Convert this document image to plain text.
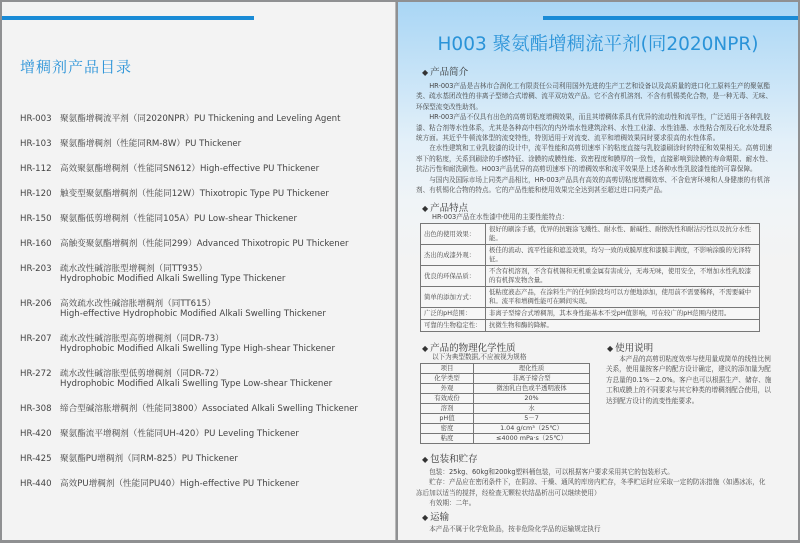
增稠剂产品目录
HR-003 聚氨酯增稠流平剂（同2020NPR）PU Thickening and Leveling Agent
HR-103 聚氨酯增稠剂（性能同RM-8W）PU Thickener
HR-112 高效聚氨酯增稠剂（性能同SN612）High-effective PU Thickener
HR-120 触变型聚氨酯增稠剂（性能同12W）Thixotropic Type PU Thickener
HR-150 聚氨酯低剪增稠剂（性能同105A）PU Low-shear Thickener
HR-160 高触变聚氨酯增稠剂（性能同299）Advanced Thixotropic PU Thickener
HR-203 疏水改性碱溶胀型增稠剂（同TT935）
Hydrophobic Modified Alkali Swelling Type Thickener
HR-206 高效疏水改性碱溶胀增稠剂（同TT615）
High-effective Hydrophobic Modified Alkali Swelling Thickener
HR-207 疏水改性碱溶胀型高剪增稠剂（同DR-73）
Hydrophobic Modified Alkali Swelling Type High-shear Thickener
HR-272 疏水改性碱溶胀型低剪增稠剂（同DR-72）
Hydrophobic Modified Alkali Swelling Type Low-shear Thickener
HR-308 缔合型碱溶胀增稠剂（性能同3800）Associated Alkali Swelling Thickener
HR-420 聚氨酯流平增稠剂（性能同UH-420）PU Leveling Thickener
HR-425 聚氨酯PU增稠剂（同RM-825）PU Thickener
HR-440 高效PU增稠剂（性能同PU40）High-effective PU Thickener
H003 聚氨酯增稠流平剂(同2020NPR)
◆ 产品简介

HR-003产品是吉林市合润化工有限责任公司利用国外先进的生产工艺和设备以及高质量的进口化工原料生产的聚氨酯类、疏水基团改性的非离子型缔合式增稠、流平双功效产品。它不含有机溶剂、不含有机锡类化合物，是一种无毒、无味、环保型流变改性助剂。

HR-003产品不仅具有出色的高剪切粘度增稠效果，而且其增稠体系具有优异的流动性和流平性，广泛适用于各种乳胶漆、粘合剂等水性体系，尤其是各种高中档次的内外墙水性建筑涂料、水性工业漆、水性油墨、水性粘合剂及石化水处理系统方面。其近乎牛顿流体型的流变特性，特别适用于对流变、流平和增稠效果同时要求很高的水性体系。

在水性建筑和工业乳胶漆的设计中，流平性能和高剪切速率下的粘度直接与乳胶漆刷涂时的特征和效果相关。高剪切速率下的粘度，关系到刷涂的手感特征、涂膜的成膜性能、致密程度和膜厚的一致性，直接影响到涂膜的寿命期限、耐水性、抗沾污性和耐洗刷性。H003产品优异的高剪切速率下的增稠效率和流平效果是上述各种水性乳胶漆性能的可靠保障。

与国内及国际市场上同类产品相比，HR-003产品具有高效的高剪切粘度增稠效率、不含危害环境和人身健康的有机溶剂、有机锡化合物的特点。它的产品性能和使用效果完全达到甚至超过进口同类产品。

◆ 产品特点
HR-003产品在水性漆中使用的主要性能特点：
出色的使用效果：	很好的刷涂手感，优异的抗辊涂飞溅性、耐水性、耐碱性、耐擦洗性和耐沾污性以及抗分水性能。
杰出的成漆外观：	极佳的流动、流平性能和遮盖效果，均匀一致的成膜厚度和漆膜丰满度，不影响涂膜的光泽特征。
优良的环保品质：	不含有机溶剂，不含有机锡和无机重金属有害成分，无毒无味，使用安全，不增加水性乳胶漆的有机挥发物含量。
简单的添加方式：	低粘度液态产品，在涂料生产的任何阶段均可以方便地添加，使用前不需要稀释，不需要碱中和。流平和增稠性能可在瞬间实现。
广泛的pH范围：	非离子型缔合式增稠剂，其本身性能基本不受pH值影响，可在较广的pH范围内使用。
可靠的生物稳定性：	抗微生物和酶的降解。
◆ 产品的物理化学性质
以下为典型数据,不应被视为规格
项目	理化性质
化学类型	非离子缔合型
外观	微浊乳白色或半透明液体
有效成份	20%
溶剂	水
pH值	5－7
密度	1.04 g/cm³（25℃）
粘度	≤4000 mPa·s（25℃）
◆ 使用说明

本产品的高剪切粘度效率与使用量成简单的线性比例关系，使用量按客户的配方设计确定，建议的添加量为配方总量的0.1%－2.0%。客户也可以根据生产、储存、施工和成膜上的不同要求与其它种类的增稠剂配合使用，以达到配方设计的流变性能要求。

◆ 包装和贮存

包装：25kg、60kg和200kg塑料桶包装，可以根据客户要求采用其它的包装形式。

贮存：产品应在密闭条件下，在阴凉、干燥、通风的库房内贮存，冬季贮运时应采取一定的防冻措施（如遇冰冻，化冻后加以适当的搅拌，经检查无颗粒状结晶析出可以继续使用）

有效期：二年。

◆ 运输

本产品不属于化学危险品，按非危险化学品的运输规定执行
